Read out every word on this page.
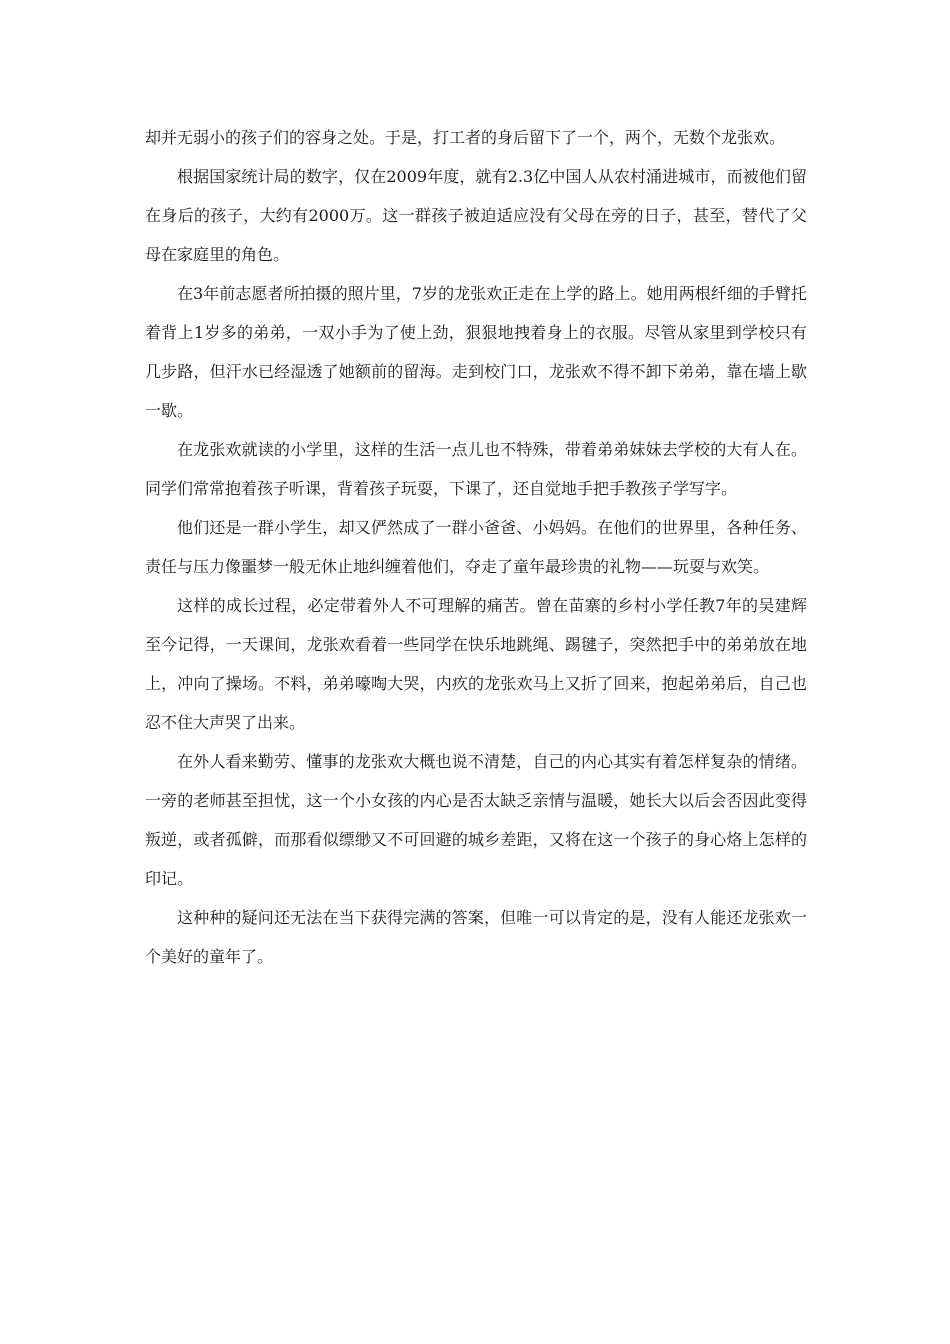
却并无弱小的孩子们的容身之处。于是，打工者的身后留下了一个，两个，无数个龙张欢。

根据国家统计局的数字，仅在2009年度，就有2.3亿中国人从农村涌进城市，而被他们留在身后的孩子，大约有2000万。这一群孩子被迫适应没有父母在旁的日子，甚至，替代了父母在家庭里的角色。

在3年前志愿者所拍摄的照片里，7岁的龙张欢正走在上学的路上。她用两根纤细的手臂托着背上1岁多的弟弟，一双小手为了使上劲，狠狠地拽着身上的衣服。尽管从家里到学校只有几步路，但汗水已经湿透了她额前的留海。走到校门口，龙张欢不得不卸下弟弟，靠在墙上歇一歇。

在龙张欢就读的小学里，这样的生活一点儿也不特殊，带着弟弟妹妹去学校的大有人在。同学们常常抱着孩子听课，背着孩子玩耍，下课了，还自觉地手把手教孩子学写字。

他们还是一群小学生，却又俨然成了一群小爸爸、小妈妈。在他们的世界里，各种任务、责任与压力像噩梦一般无休止地纠缠着他们，夺走了童年最珍贵的礼物——玩耍与欢笑。

这样的成长过程，必定带着外人不可理解的痛苦。曾在苗寨的乡村小学任教7年的吴建辉至今记得，一天课间，龙张欢看着一些同学在快乐地跳绳、踢毽子，突然把手中的弟弟放在地上，冲向了操场。不料，弟弟嚎啕大哭，内疚的龙张欢马上又折了回来，抱起弟弟后，自己也忍不住大声哭了出来。

在外人看来勤劳、懂事的龙张欢大概也说不清楚，自己的内心其实有着怎样复杂的情绪。一旁的老师甚至担忧，这一个小女孩的内心是否太缺乏亲情与温暖，她长大以后会否因此变得叛逆，或者孤僻，而那看似缥缈又不可回避的城乡差距，又将在这一个孩子的身心烙上怎样的印记。

这种种的疑问还无法在当下获得完满的答案，但唯一可以肯定的是，没有人能还龙张欢一个美好的童年了。
